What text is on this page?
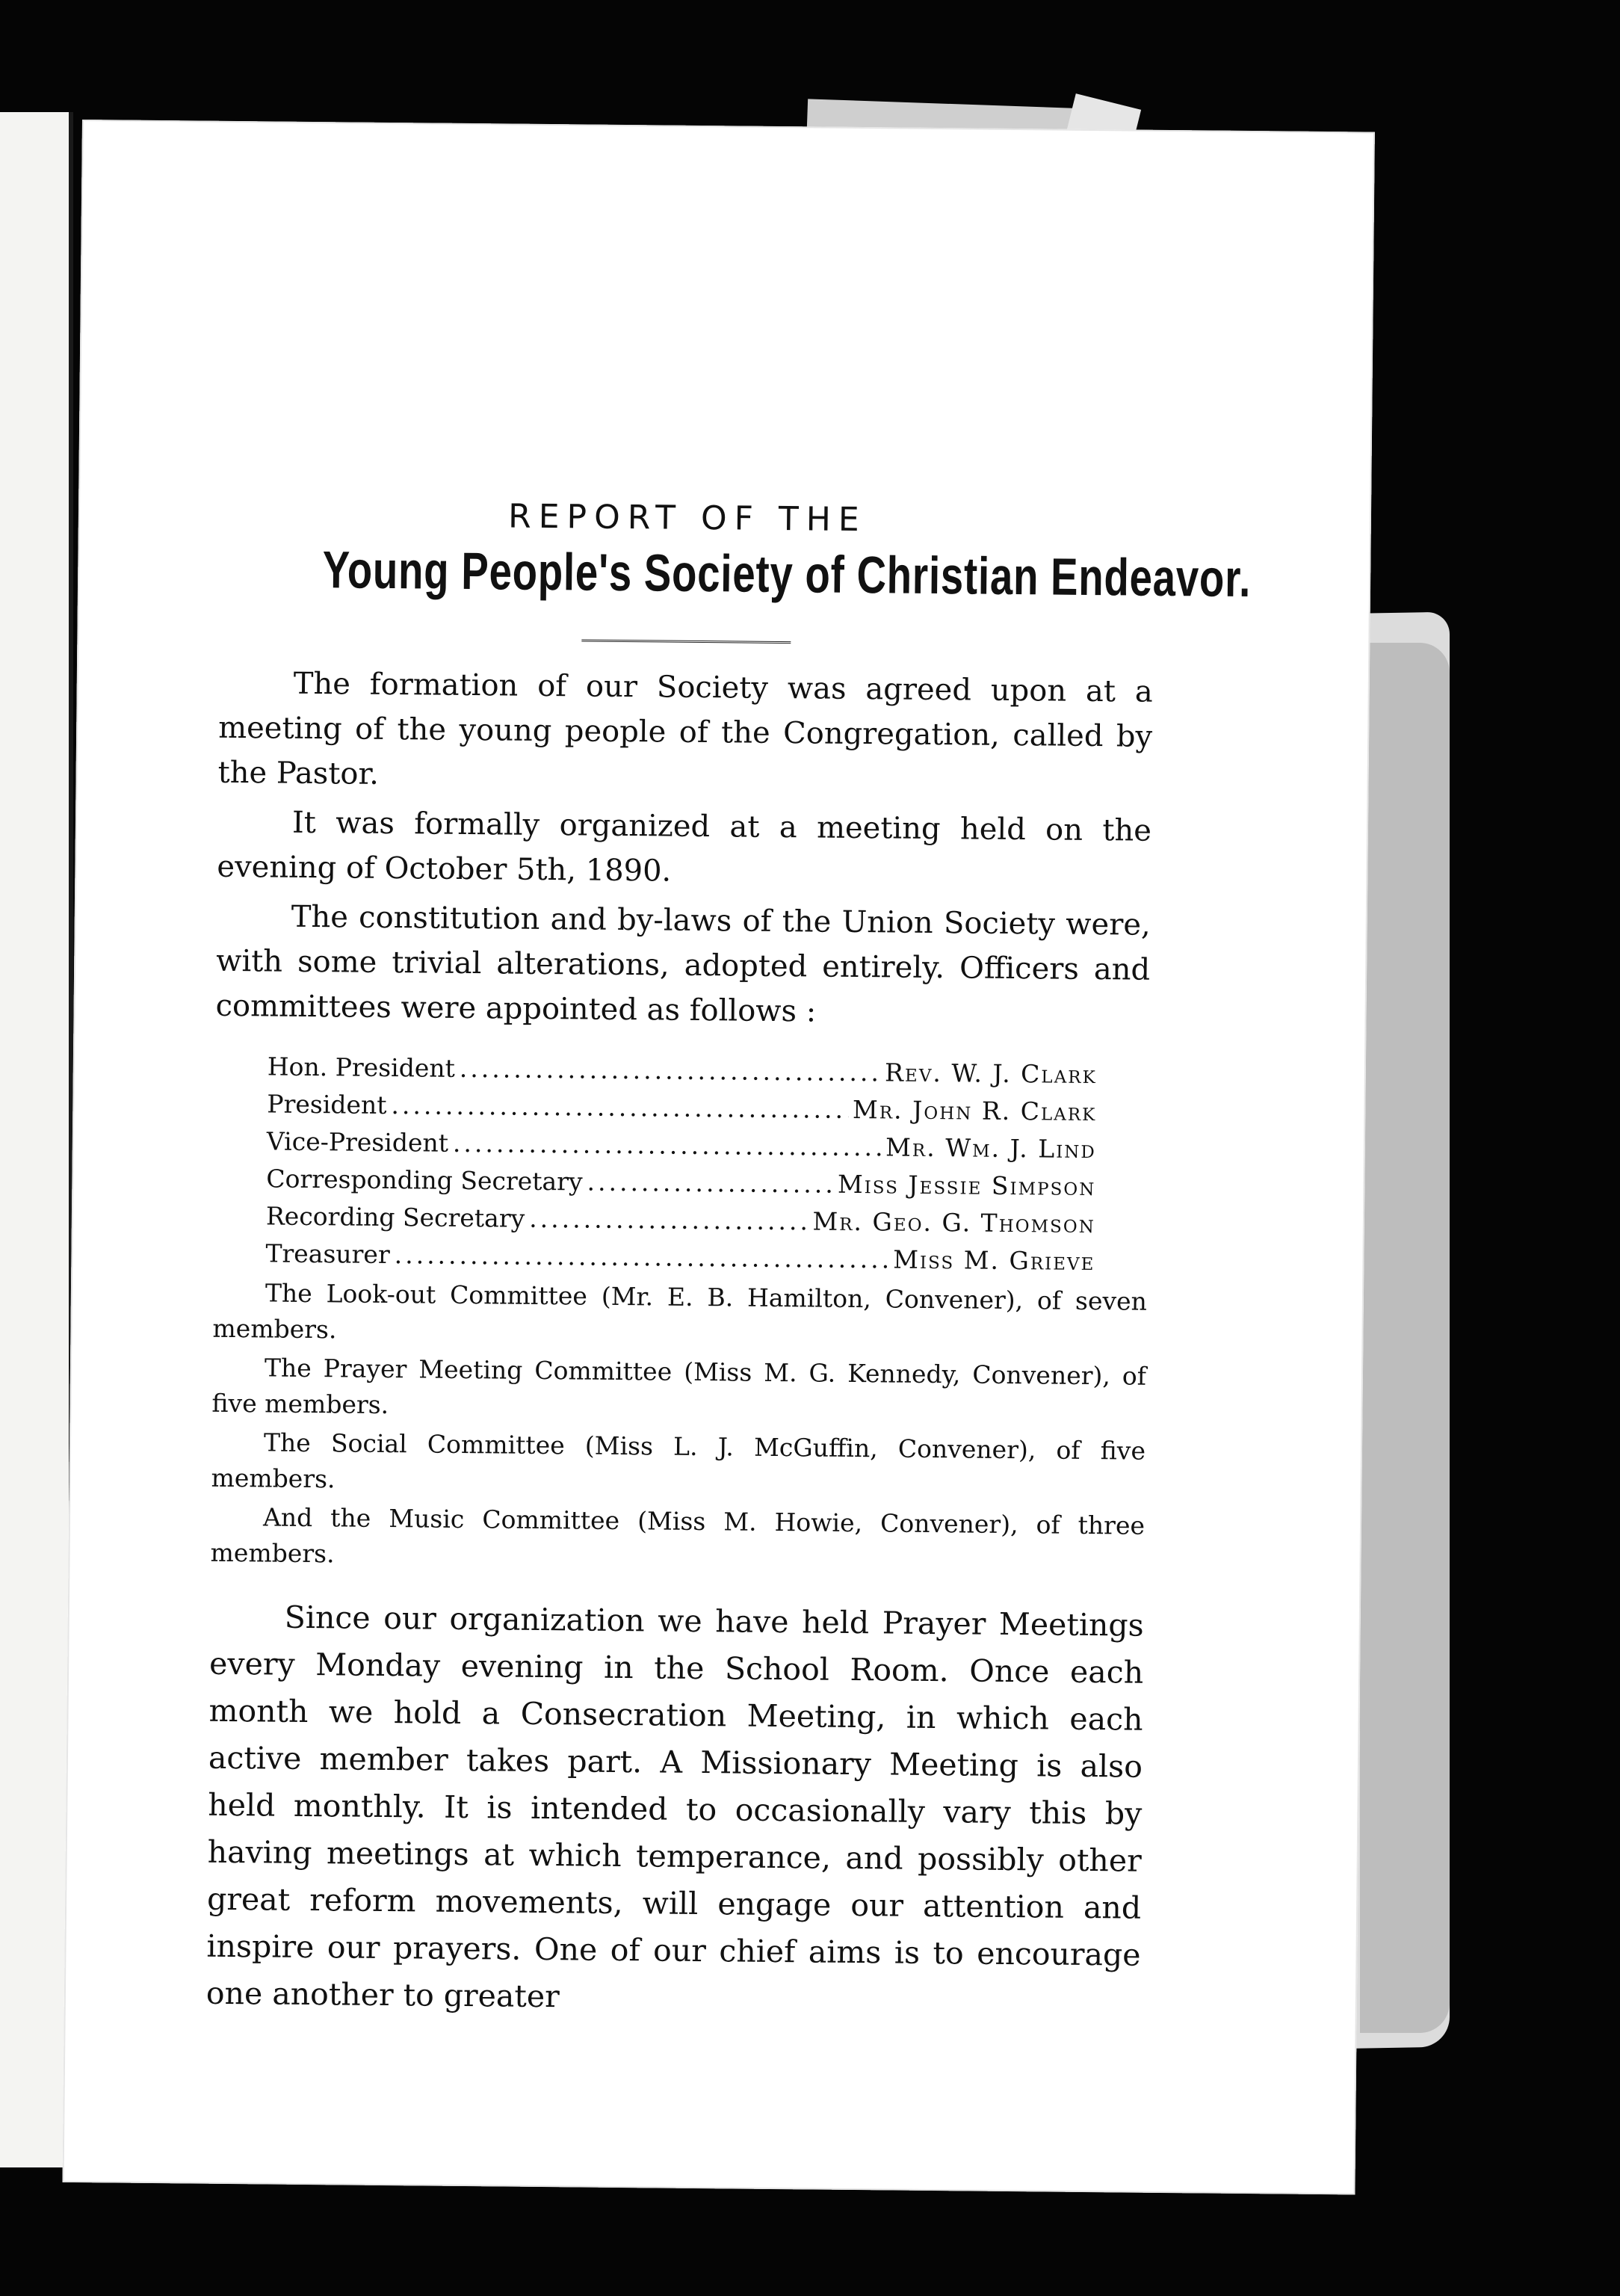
REPORT OF THE
Young People's Society of Christian Endeavor.

The formation of our Society was agreed upon at a meeting of the young people of the Congregation, called by the Pastor.

It was formally organized at a meeting held on the evening of October 5th, 1890.

The constitution and by-laws of the Union Society were, with some trivial alterations, adopted entirely. Officers and committees were appointed as follows :

Hon. President .....	Rev. W. J. Clark
President .....	Mr. John R. Clark
Vice-President .....	Mr. Wm. J. Lind
Corresponding Secretary .....	Miss Jessie Simpson
Recording Secretary .....	Mr. Geo. G. Thomson
Treasurer .....	Miss M. Grieve

The Look-out Committee (Mr. E. B. Hamilton, Convener), of seven members.

The Prayer Meeting Committee (Miss M. G. Kennedy, Convener), of five members.

The Social Committee (Miss L. J. McGuffin, Convener), of five members.

And the Music Committee (Miss M. Howie, Convener), of three members.

Since our organization we have held Prayer Meetings every Monday evening in the School Room. Once each month we hold a Consecration Meeting, in which each active member takes part. A Missionary Meeting is also held monthly. It is intended to occasionally vary this by having meetings at which temperance, and possibly other great reform movements, will engage our attention and inspire our prayers. One of our chief aims is to encourage one another to greater
